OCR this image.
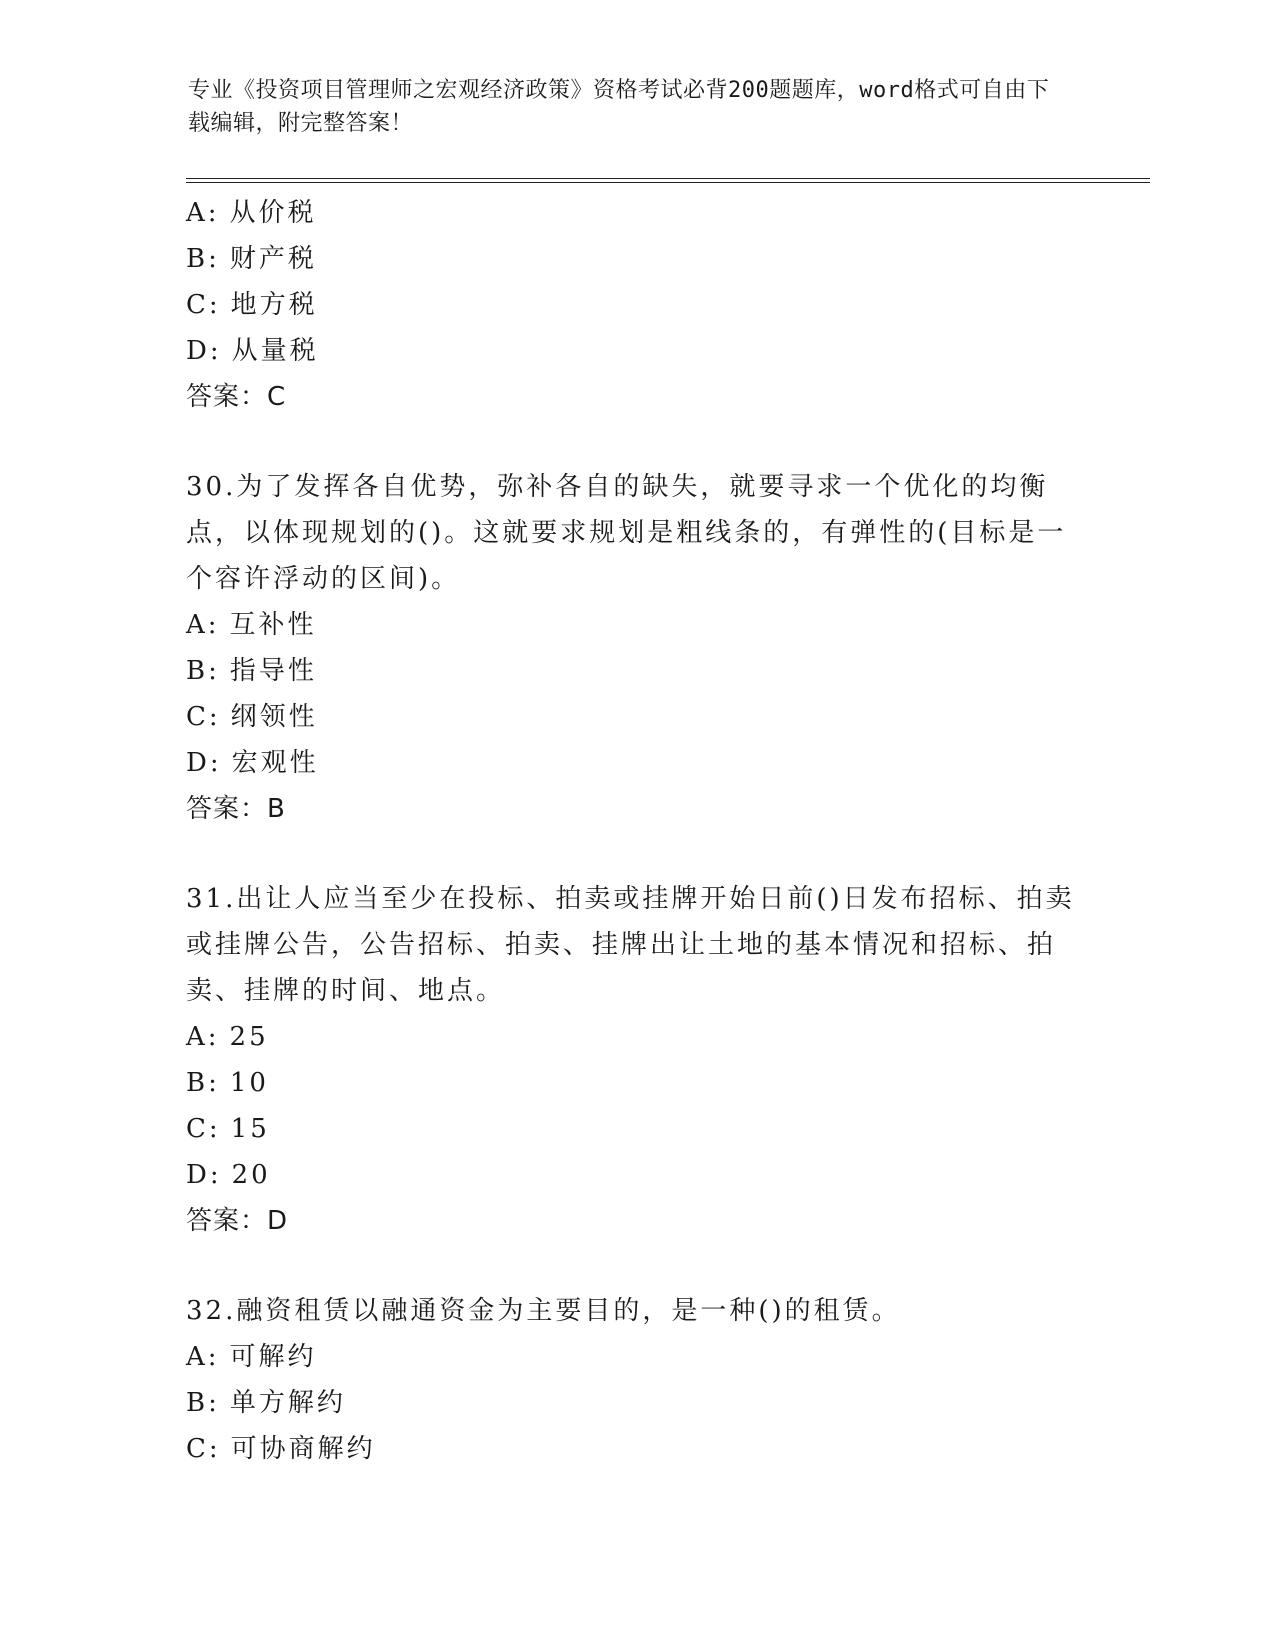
专业《投资项目管理师之宏观经济政策》资格考试必背200题题库，word格式可自由下载编辑，附完整答案！
A: 从价税
B: 财产税
C: 地方税
D: 从量税
答案：C
30.为了发挥各自优势，弥补各自的缺失，就要寻求一个优化的均衡点，以体现规划的()。这就要求规划是粗线条的，有弹性的(目标是一个容许浮动的区间)。
A: 互补性
B: 指导性
C: 纲领性
D: 宏观性
答案：B
31.出让人应当至少在投标、拍卖或挂牌开始日前()日发布招标、拍卖或挂牌公告，公告招标、拍卖、挂牌出让土地的基本情况和招标、拍卖、挂牌的时间、地点。
A: 25
B: 10
C: 15
D: 20
答案：D
32.融资租赁以融通资金为主要目的，是一种()的租赁。
A: 可解约
B: 单方解约
C: 可协商解约
